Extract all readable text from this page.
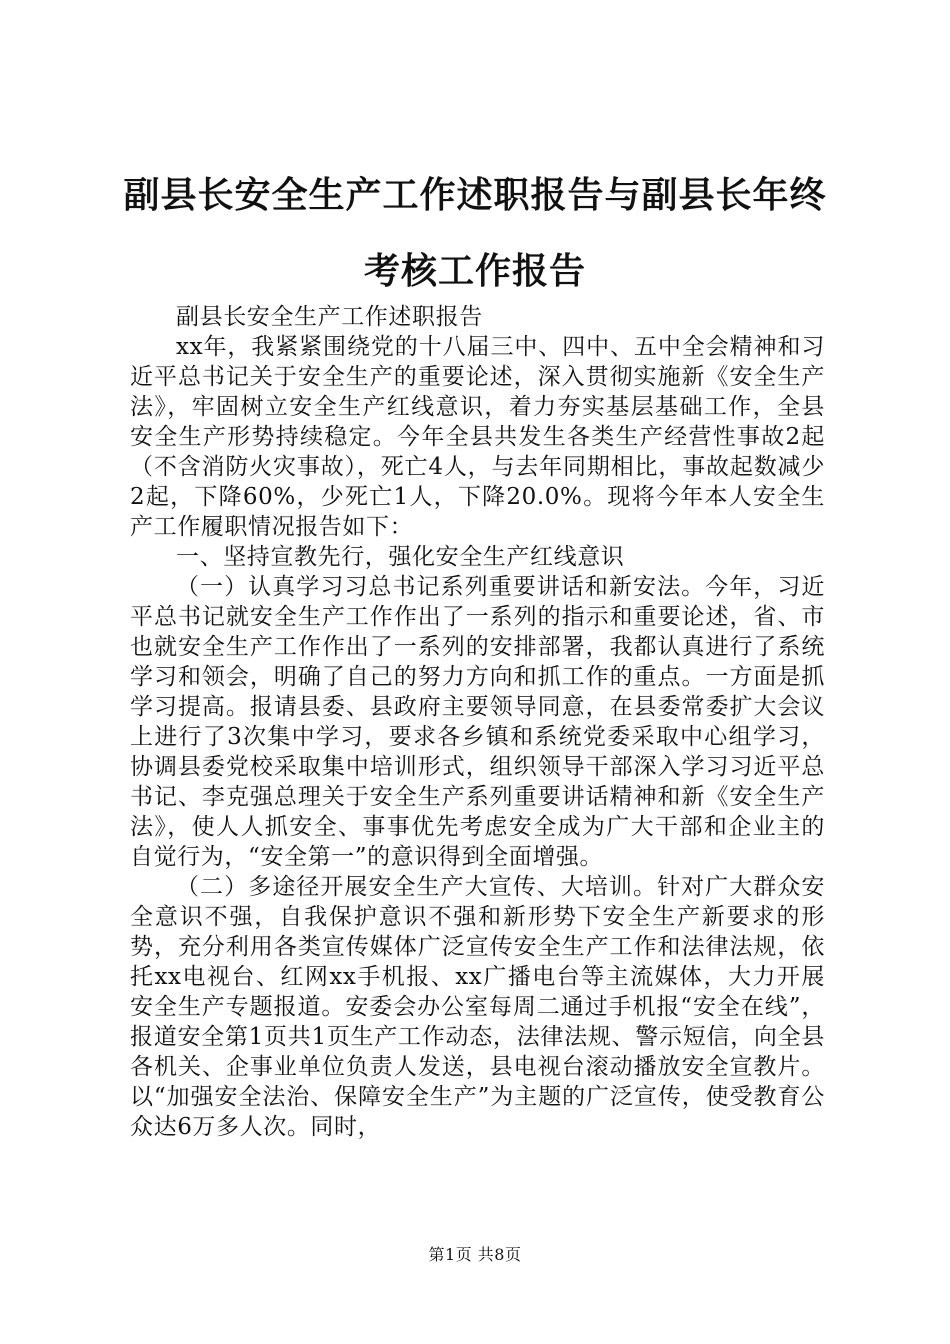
副县长安全生产工作述职报告与副县长年终考核工作报告

副县长安全生产工作述职报告

xx年，我紧紧围绕党的十八届三中、四中、五中全会精神和习近平总书记关于安全生产的重要论述，深入贯彻实施新《安全生产法》，牢固树立安全生产红线意识，着力夯实基层基础工作，全县安全生产形势持续稳定。今年全县共发生各类生产经营性事故2起（不含消防火灾事故），死亡4人，与去年同期相比，事故起数减少2起，下降60%，少死亡1人，下降20.0%。现将今年本人安全生产工作履职情况报告如下：

一、坚持宣教先行，强化安全生产红线意识

（一）认真学习习总书记系列重要讲话和新安法。今年，习近平总书记就安全生产工作作出了一系列的指示和重要论述，省、市也就安全生产工作作出了一系列的安排部署，我都认真进行了系统学习和领会，明确了自己的努力方向和抓工作的重点。一方面是抓学习提高。报请县委、县政府主要领导同意，在县委常委扩大会议上进行了3次集中学习，要求各乡镇和系统党委采取中心组学习，协调县委党校采取集中培训形式，组织领导干部深入学习习近平总书记、李克强总理关于安全生产系列重要讲话精神和新《安全生产法》，使人人抓安全、事事优先考虑安全成为广大干部和企业主的自觉行为，“安全第一”的意识得到全面增强。

（二）多途径开展安全生产大宣传、大培训。针对广大群众安全意识不强，自我保护意识不强和新形势下安全生产新要求的形势，充分利用各类宣传媒体广泛宣传安全生产工作和法律法规，依托xx电视台、红网xx手机报、xx广播电台等主流媒体，大力开展安全生产专题报道。安委会办公室每周二通过手机报“安全在线”，报道安全第1页共1页生产工作动态，法律法规、警示短信，向全县各机关、企事业单位负责人发送，县电视台滚动播放安全宣教片。以“加强安全法治、保障安全生产”为主题的广泛宣传，使受教育公众达6万多人次。同时，

第1页 共8页
